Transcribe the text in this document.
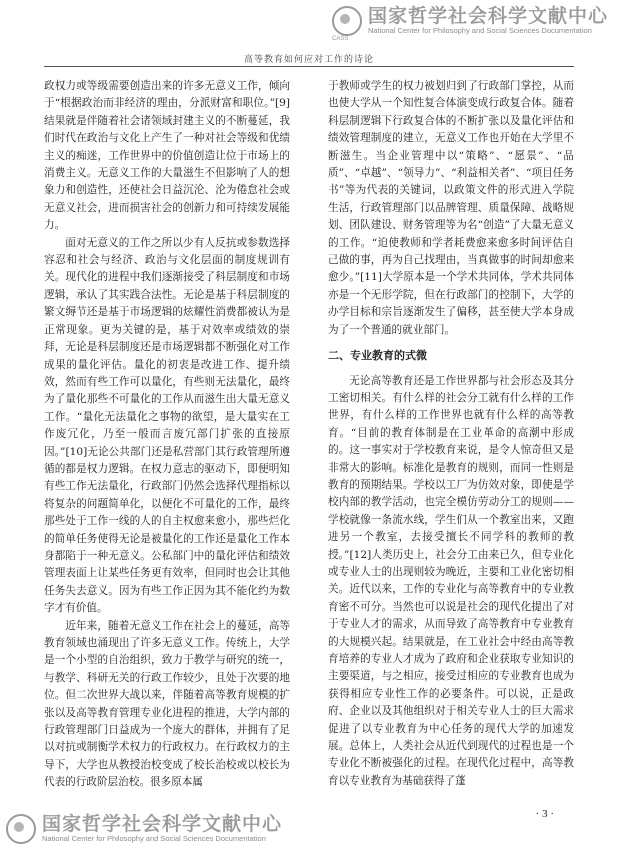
国家哲学社会科学文献中心
National Center for Philosophy and Social Sciences Documentation
CASS
高等教育如何应对工作的诗论

政权力或等级需要创造出来的许多无意义工作，倾向于“根据政治而非经济的理由，分派财富和职位。”[9]结果就是伴随着社会诸领域封建主义的不断蔓延，我们时代在政治与文化上产生了一种对社会等级和优绩主义的痴迷，工作世界中的价值创造让位于市场上的消费主义。无意义工作的大量滋生不但影响了人的想象力和创造性，还使社会日益沉沦、沦为倦怠社会或无意义社会，进而损害社会的创新力和可持续发展能力。

面对无意义的工作之所以少有人反抗或参数选择容忍和社会与经济、政治与文化层面的制度规训有关。现代化的进程中我们逐渐接受了科层制度和市场逻辑，承认了其实践合法性。无论是基于科层制度的繁文缛节还是基于市场逻辑的炫耀性消费都被认为是正常现象。更为关键的是，基于对效率或绩效的崇拜，无论是科层制度还是市场逻辑都不断强化对工作成果的量化评估。量化的初衷是改进工作、提升绩效，然而有些工作可以量化，有些则无法量化，最终为了量化那些不可量化的工作从而滋生出大量无意义工作。“量化无法量化之事物的欲望，是大量实在工作废冗化，乃至一般而言废冗部门扩张的直接原因。”[10]无论公共部门还是私营部门其行政管理所遵循的都是权力逻辑。在权力意志的驱动下，即便明知有些工作无法量化，行政部门仍然会选择代理指标以将复杂的问题简单化，以便化不可量化的工作，最终那些处于工作一线的人的自主权愈来愈小，那些烂化的简单任务使得无论是被量化的工作还是量化工作本身都陷于一种无意义。公私部门中的量化评估和绩效管理表面上让某些任务更有效率，但同时也会让其他任务失去意义。因为有些工作正因为其不能化约为数字才有价值。

近年来，随着无意义工作在社会上的蔓延，高等教育领域也涌现出了许多无意义工作。传统上，大学是一个小型的自治组织，致力于教学与研究的统一，与教学、科研无关的行政工作较少，且处于次要的地位。但二次世界大战以来，伴随着高等教育规模的扩张以及高等教育管理专业化进程的推进，大学内部的行政管理部门日益成为一个庞大的群体，并拥有了足以对抗或制衡学术权力的行政权力。在行政权力的主导下，大学也从教授治校变成了校长治校或以校长为代表的行政阶层治校。很多原本属

于教师或学生的权力被划归到了行政部门掌控，从而也使大学从一个知性复合体演变成行政复合体。随着科层制逻辑下行政复合体的不断扩张以及量化评估和绩效管理制度的建立，无意义工作也开始在大学里不断滋生。当企业管理中以“策略”、“愿景”、“品质”、“卓越”、“领导力”、“利益相关者”、“项目任务书”等为代表的关键词，以政策文件的形式进入学院生活，行政管理部门以品牌管理、质量保障、战略规划、团队建设、财务管理等为名“创造”了大量无意义的工作。“迫使教师和学者耗费愈来愈多时间评估自己做的事，再为自己找理由，当真做事的时间却愈来愈少。”[11]大学原本是一个学术共同体，学术共同体亦是一个无形学院，但在行政部门的控制下，大学的办学目标和宗旨逐渐发生了偏移，甚至使大学本身成为了一个普通的就业部门。

二、专业教育的式微

无论高等教育还是工作世界都与社会形态及其分工密切相关。有什么样的社会分工就有什么样的工作世界，有什么样的工作世界也就有什么样的高等教育。“目前的教育体制是在工业革命的高潮中形成的。这一事实对于学校教育来说，是令人惊奇但又是非常大的影响。标准化是教育的规则，而同一性则是教育的预期结果。学校以工厂为仿效对象，即使是学校内部的教学活动，也完全模仿劳动分工的规则——学校就像一条流水线，学生们从一个教室出来，又跑进另一个教室，去接受擅长不同学科的教师的教授。”[12]人类历史上，社会分工由来已久，但专业化或专业人士的出现则较为晚近，主要和工业化密切相关。近代以来，工作的专业化与高等教育中的专业教育密不可分。当然也可以说是社会的现代化提出了对于专业人才的需求，从而导致了高等教育中专业教育的大规模兴起。结果就是，在工业社会中经由高等教育培养的专业人才成为了政府和企业获取专业知识的主要渠道，与之相应，接受过相应的专业教育也成为获得相应专业性工作的必要条件。可以说，正是政府、企业以及其他组织对于相关专业人士的巨大需求促进了以专业教育为中心任务的现代大学的加速发展。总体上，人类社会从近代到现代的过程也是一个专业化不断被强化的过程。在现代化过程中，高等教育以专业教育为基础获得了蓬

· 3 ·
国家哲学社会科学文献中心
National Center for Philosophy and Social Sciences Documentation
